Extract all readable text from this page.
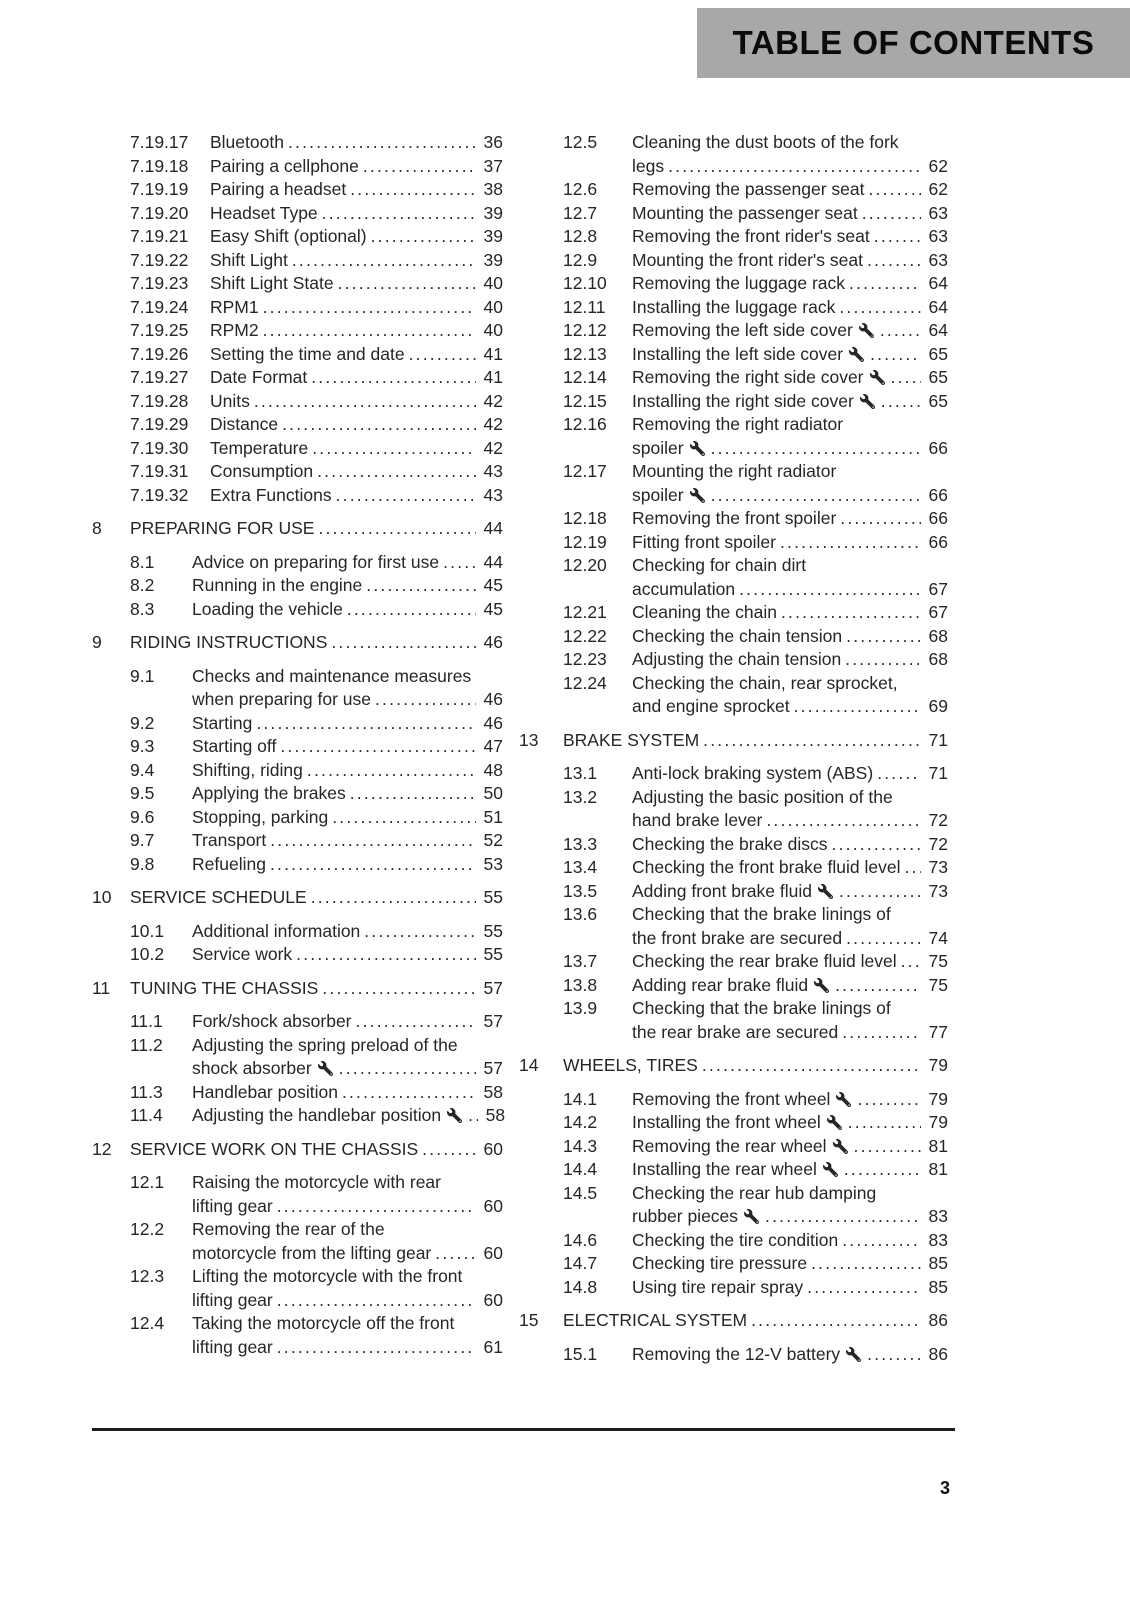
TABLE OF CONTENTS
7.19.17	Bluetooth .....	36
7.19.18	Pairing a cellphone .....	37
7.19.19	Pairing a headset .....	38
7.19.20	Headset Type .....	39
7.19.21	Easy Shift (optional) .....	39
7.19.22	Shift Light .....	39
7.19.23	Shift Light State .....	40
7.19.24	RPM1 .....	40
7.19.25	RPM2 .....	40
7.19.26	Setting the time and date .....	41
7.19.27	Date Format .....	41
7.19.28	Units .....	42
7.19.29	Distance .....	42
7.19.30	Temperature .....	42
7.19.31	Consumption .....	43
7.19.32	Extra Functions .....	43
8	PREPARING FOR USE .....	44
8.1	Advice on preparing for first use .....	44
8.2	Running in the engine .....	45
8.3	Loading the vehicle .....	45
9	RIDING INSTRUCTIONS .....	46
9.1	Checks and maintenance measures
when preparing for use .....	46
9.2	Starting .....	46
9.3	Starting off .....	47
9.4	Shifting, riding .....	48
9.5	Applying the brakes .....	50
9.6	Stopping, parking .....	51
9.7	Transport .....	52
9.8	Refueling .....	53
10	SERVICE SCHEDULE .....	55
10.1	Additional information .....	55
10.2	Service work .....	55
11	TUNING THE CHASSIS .....	57
11.1	Fork/shock absorber .....	57
11.2	Adjusting the spring preload of the
shock absorber .....	57
11.3	Handlebar position .....	58
11.4	Adjusting the handlebar position .....	58
12	SERVICE WORK ON THE CHASSIS .....	60
12.1	Raising the motorcycle with rear
lifting gear .....	60
12.2	Removing the rear of the
motorcycle from the lifting gear .....	60
12.3	Lifting the motorcycle with the front
lifting gear .....	60
12.4	Taking the motorcycle off the front
lifting gear .....	61
12.5	Cleaning the dust boots of the fork
legs .....	62
12.6	Removing the passenger seat .....	62
12.7	Mounting the passenger seat .....	63
12.8	Removing the front rider's seat .....	63
12.9	Mounting the front rider's seat .....	63
12.10	Removing the luggage rack .....	64
12.11	Installing the luggage rack .....	64
12.12	Removing the left side cover .....	64
12.13	Installing the left side cover .....	65
12.14	Removing the right side cover .....	65
12.15	Installing the right side cover .....	65
12.16	Removing the right radiator
spoiler .....	66
12.17	Mounting the right radiator
spoiler .....	66
12.18	Removing the front spoiler .....	66
12.19	Fitting front spoiler .....	66
12.20	Checking for chain dirt
accumulation .....	67
12.21	Cleaning the chain .....	67
12.22	Checking the chain tension .....	68
12.23	Adjusting the chain tension .....	68
12.24	Checking the chain, rear sprocket,
and engine sprocket .....	69
13	BRAKE SYSTEM .....	71
13.1	Anti-lock braking system (ABS) .....	71
13.2	Adjusting the basic position of the
hand brake lever .....	72
13.3	Checking the brake discs .....	72
13.4	Checking the front brake fluid level ..... 73
13.5	Adding front brake fluid .....	73
13.6	Checking that the brake linings of
the front brake are secured .....	74
13.7	Checking the rear brake fluid level ..... 75
13.8	Adding rear brake fluid .....	75
13.9	Checking that the brake linings of
the rear brake are secured .....	77
14	WHEELS, TIRES .....	79
14.1	Removing the front wheel .....	79
14.2	Installing the front wheel .....	79
14.3	Removing the rear wheel .....	81
14.4	Installing the rear wheel .....	81
14.5	Checking the rear hub damping
rubber pieces .....	83
14.6	Checking the tire condition .....	83
14.7	Checking tire pressure .....	85
14.8	Using tire repair spray .....	85
15	ELECTRICAL SYSTEM .....	86
15.1	Removing the 12-V battery .....	86
3
